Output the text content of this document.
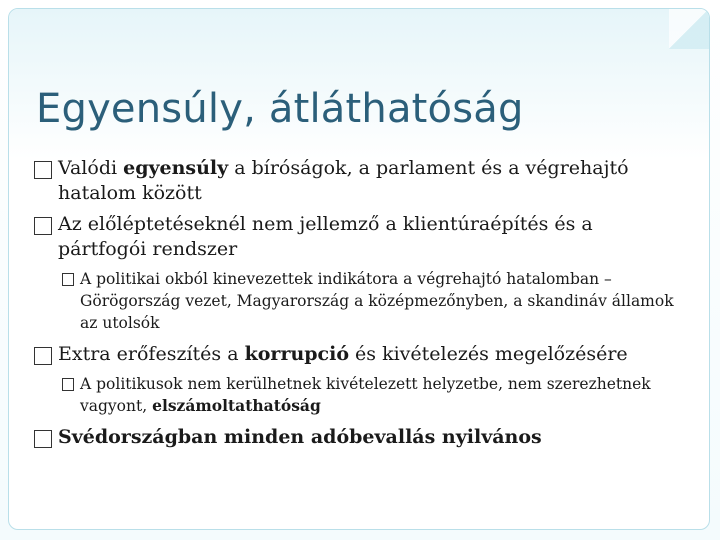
Egyensúly, átláthatóság
Valódi egyensúly a bíróságok, a parlament és a végrehajtó hatalom között
Az előléptetéseknél nem jellemző a klientúraépítés és a pártfogói rendszer
A politikai okból kinevezettek indikátora a végrehajtó hatalomban – Görögország vezet, Magyarország a középmezőnyben, a skandináv államok az utolsók
Extra erőfeszítés a korrupció és kivételezés megelőzésére
A politikusok nem kerülhetnek kivételezett helyzetbe, nem szerezhetnek vagyont, elszámoltathatóság
Svédországban minden adóbevallás nyilvános
